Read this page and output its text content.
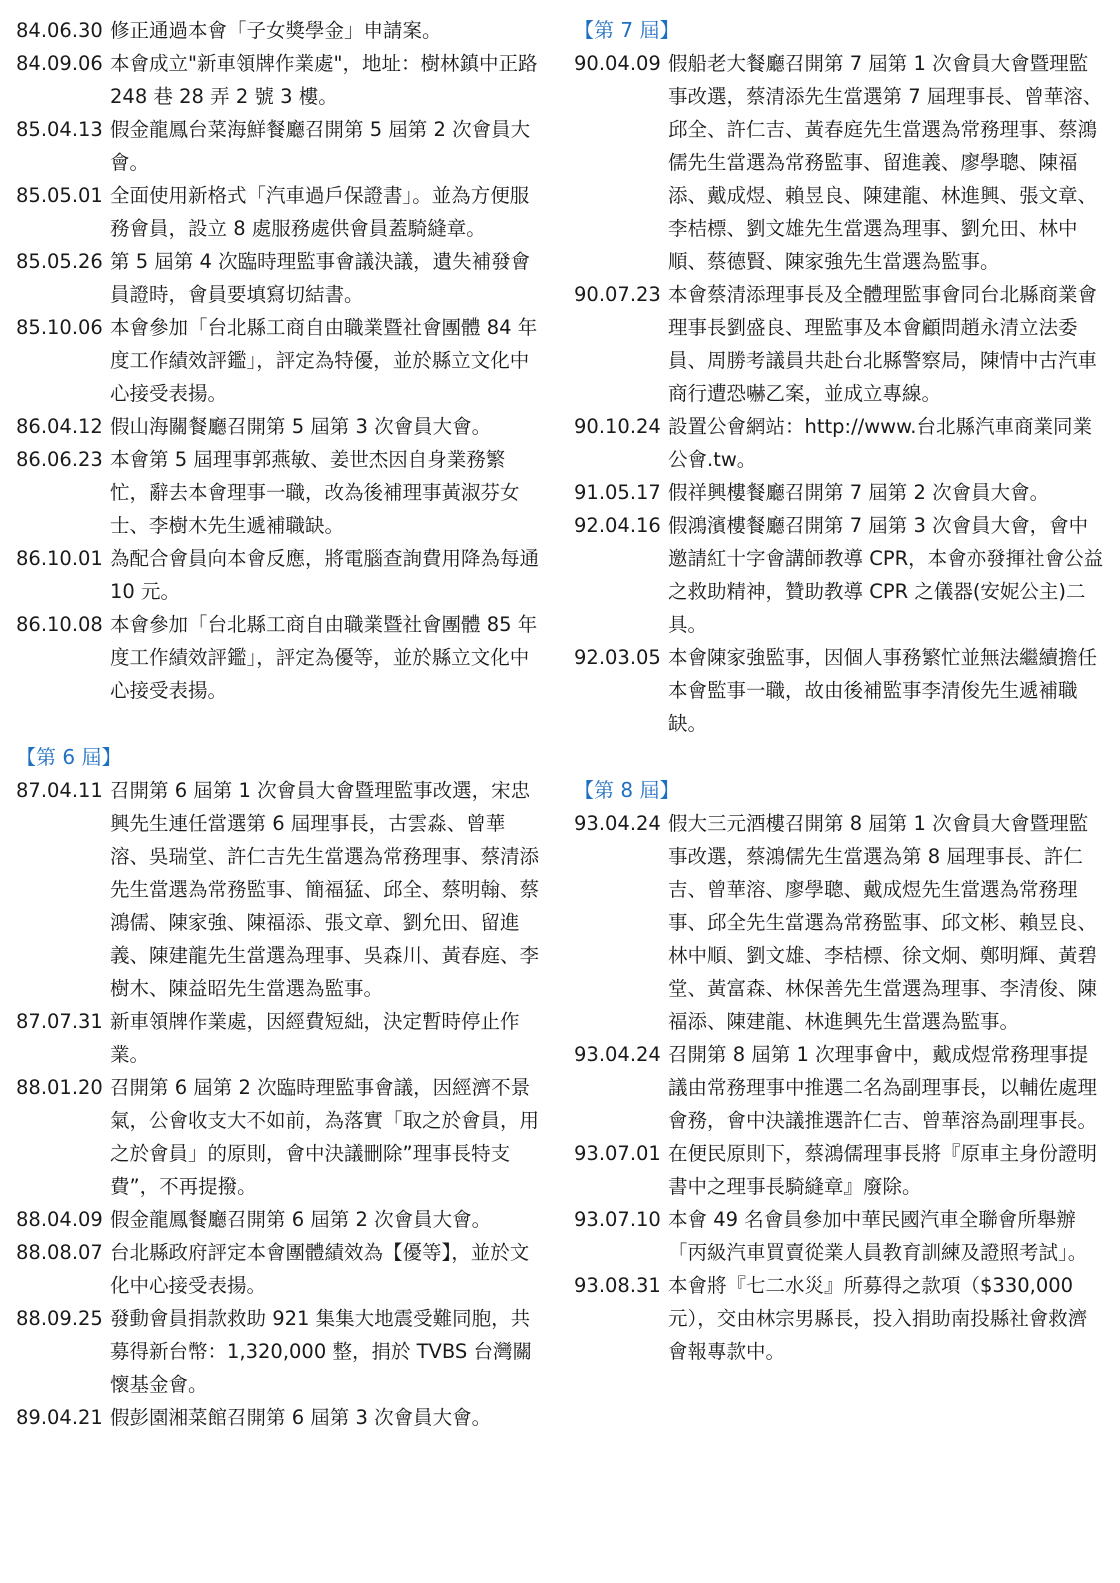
84.06.30 修正通過本會「子女獎學金」申請案。
84.09.06 本會成立"新車領牌作業處"，地址：樹林鎮中正路 248 巷 28 弄 2 號 3 樓。
85.04.13 假金龍鳳台菜海鮮餐廳召開第 5 屆第 2 次會員大會。
85.05.01 全面使用新格式「汽車過戶保證書」。並為方便服務會員，設立 8 處服務處供會員蓋騎縫章。
85.05.26 第 5 屆第 4 次臨時理監事會議決議，遺失補發會員證時，會員要填寫切結書。
85.10.06 本會參加「台北縣工商自由職業暨社會團體 84 年度工作績效評鑑」，評定為特優，並於縣立文化中心接受表揚。
86.04.12 假山海關餐廳召開第 5 屆第 3 次會員大會。
86.06.23 本會第 5 屆理事郭燕敏、姜世杰因自身業務繁忙，辭去本會理事一職，改為後補理事黃淑芬女士、李樹木先生遞補職缺。
86.10.01 為配合會員向本會反應，將電腦查詢費用降為每通 10 元。
86.10.08 本會參加「台北縣工商自由職業暨社會團體 85 年度工作績效評鑑」，評定為優等，並於縣立文化中心接受表揚。
【第 6 屆】
87.04.11 召開第 6 屆第 1 次會員大會暨理監事改選，宋忠興先生連任當選第 6 屆理事長，古雲淼、曾華溶、吳瑞堂、許仁吉先生當選為常務理事、蔡清添先生當選為常務監事、簡福猛、邱全、蔡明翰、蔡鴻儒、陳家強、陳福添、張文章、劉允田、留進義、陳建龍先生當選為理事、吳森川、黃春庭、李樹木、陳益昭先生當選為監事。
87.07.31 新車領牌作業處，因經費短絀，決定暫時停止作業。
88.01.20 召開第 6 屆第 2 次臨時理監事會議，因經濟不景氣，公會收支大不如前，為落實「取之於會員，用之於會員」的原則，會中決議刪除”理事長特支費”，不再提撥。
88.04.09 假金龍鳳餐廳召開第 6 屆第 2 次會員大會。
88.08.07 台北縣政府評定本會團體績效為【優等】，並於文化中心接受表揚。
88.09.25 發動會員捐款救助 921 集集大地震受難同胞，共募得新台幣：1,320,000 整，捐於 TVBS 台灣關懷基金會。
89.04.21 假彭園湘菜館召開第 6 屆第 3 次會員大會。
【第 7 屆】
90.04.09 假船老大餐廳召開第 7 屆第 1 次會員大會暨理監事改選，蔡清添先生當選第 7 屆理事長、曾華溶、邱全、許仁吉、黃春庭先生當選為常務理事、蔡鴻儒先生當選為常務監事、留進義、廖學聰、陳福添、戴成煜、賴昱良、陳建龍、林進興、張文章、李桔標、劉文雄先生當選為理事、劉允田、林中順、蔡德賢、陳家強先生當選為監事。
90.07.23 本會蔡清添理事長及全體理監事會同台北縣商業會理事長劉盛良、理監事及本會顧問趙永清立法委員、周勝考議員共赴台北縣警察局，陳情中古汽車商行遭恐嚇乙案，並成立專線。
90.10.24 設置公會網站：http://www.台北縣汽車商業同業公會.tw。
91.05.17 假祥興樓餐廳召開第 7 屆第 2 次會員大會。
92.04.16 假鴻濱樓餐廳召開第 7 屆第 3 次會員大會，會中邀請紅十字會講師教導 CPR，本會亦發揮社會公益之救助精神，贊助教導 CPR 之儀器(安妮公主)二具。
92.03.05 本會陳家強監事，因個人事務繁忙並無法繼續擔任本會監事一職，故由後補監事李清俊先生遞補職缺。
【第 8 屆】
93.04.24 假大三元酒樓召開第 8 屆第 1 次會員大會暨理監事改選，蔡鴻儒先生當選為第 8 屆理事長、許仁吉、曾華溶、廖學聰、戴成煜先生當選為常務理事、邱全先生當選為常務監事、邱文彬、賴昱良、林中順、劉文雄、李桔標、徐文炯、鄭明輝、黃碧堂、黃富森、林保善先生當選為理事、李清俊、陳福添、陳建龍、林進興先生當選為監事。
93.04.24 召開第 8 屆第 1 次理事會中，戴成煜常務理事提議由常務理事中推選二名為副理事長，以輔佐處理會務，會中決議推選許仁吉、曾華溶為副理事長。
93.07.01 在便民原則下，蔡鴻儒理事長將『原車主身份證明書中之理事長騎縫章』廢除。
93.07.10 本會 49 名會員參加中華民國汽車全聯會所舉辦「丙級汽車買賣從業人員教育訓練及證照考試」。
93.08.31 本會將『七二水災』所募得之款項（$330,000 元），交由林宗男縣長，投入捐助南投縣社會救濟會報專款中。
